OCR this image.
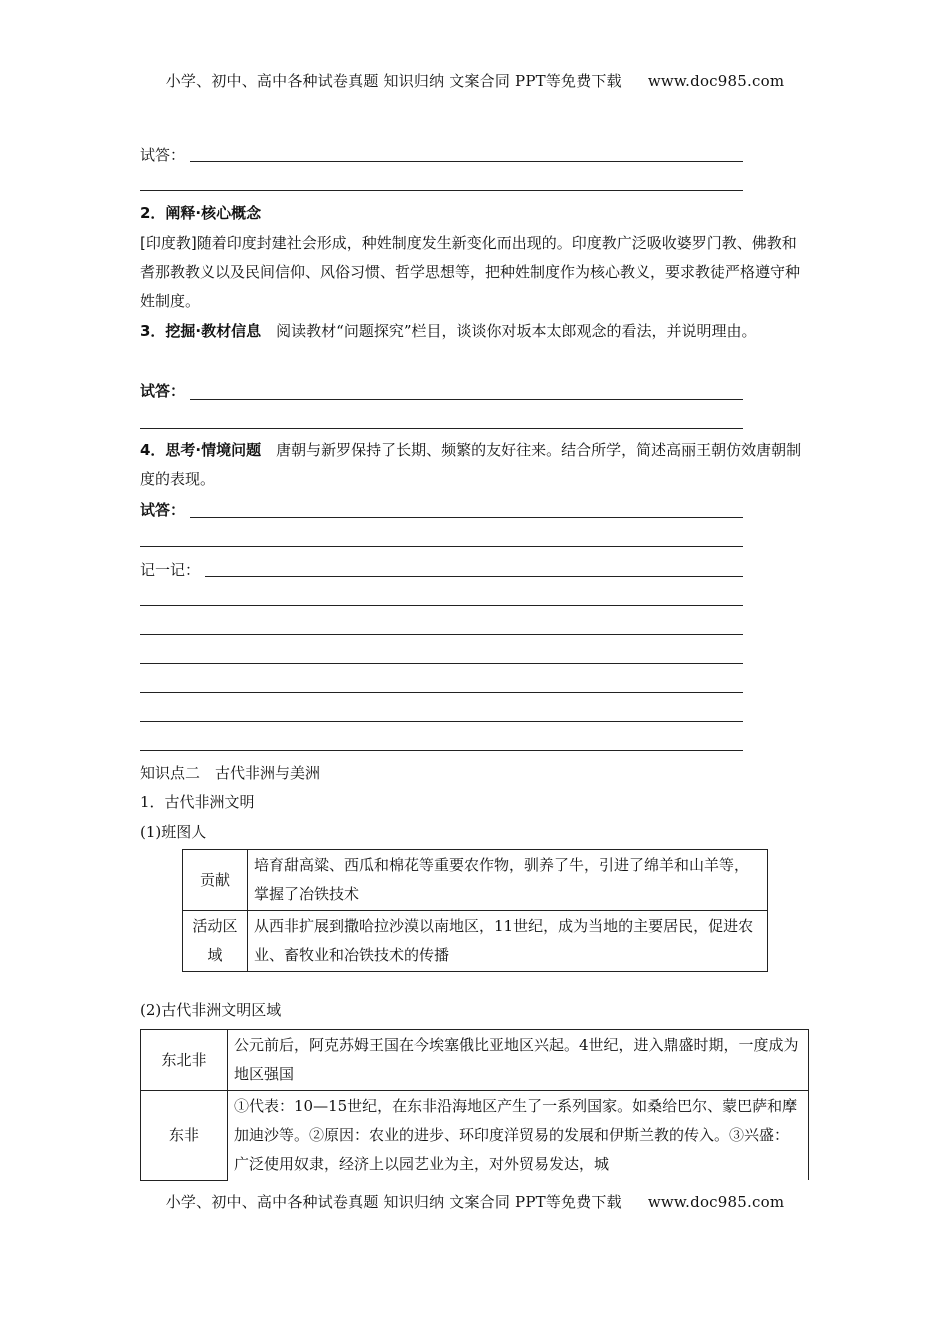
小学、初中、高中各种试卷真题 知识归纳 文案合同 PPT等免费下载 www.doc985.com
试答：
2．阐释·核心概念
[印度教]随着印度封建社会形成，种姓制度发生新变化而出现的。印度教广泛吸收婆罗门教、佛教和耆那教教义以及民间信仰、风俗习惯、哲学思想等，把种姓制度作为核心教义，要求教徒严格遵守种姓制度。
3．挖掘·教材信息　 阅读教材“问题探究”栏目，谈谈你对坂本太郎观念的看法，并说明理由。
试答：
4．思考·情境问题　 唐朝与新罗保持了长期、频繁的友好往来。结合所学，简述高丽王朝仿效唐朝制度的表现。
试答：
记一记：
知识点二　古代非洲与美洲
1．古代非洲文明
(1)班图人
贡献	培育甜高粱、西瓜和棉花等重要农作物，驯养了牛，引进了绵羊和山羊等，掌握了冶铁技术
活动区域	从西非扩展到撒哈拉沙漠以南地区，11世纪，成为当地的主要居民，促进农业、畜牧业和冶铁技术的传播
(2)古代非洲文明区域
东北非	公元前后，阿克苏姆王国在今埃塞俄比亚地区兴起。4世纪，进入鼎盛时期，一度成为地区强国
东非	①代表：10—15世纪，在东非沿海地区产生了一系列国家。如桑给巴尔、蒙巴萨和摩加迪沙等。②原因：农业的进步、环印度洋贸易的发展和伊斯兰教的传入。③兴盛：广泛使用奴隶，经济上以园艺业为主，对外贸易发达，城
小学、初中、高中各种试卷真题 知识归纳 文案合同 PPT等免费下载 www.doc985.com
